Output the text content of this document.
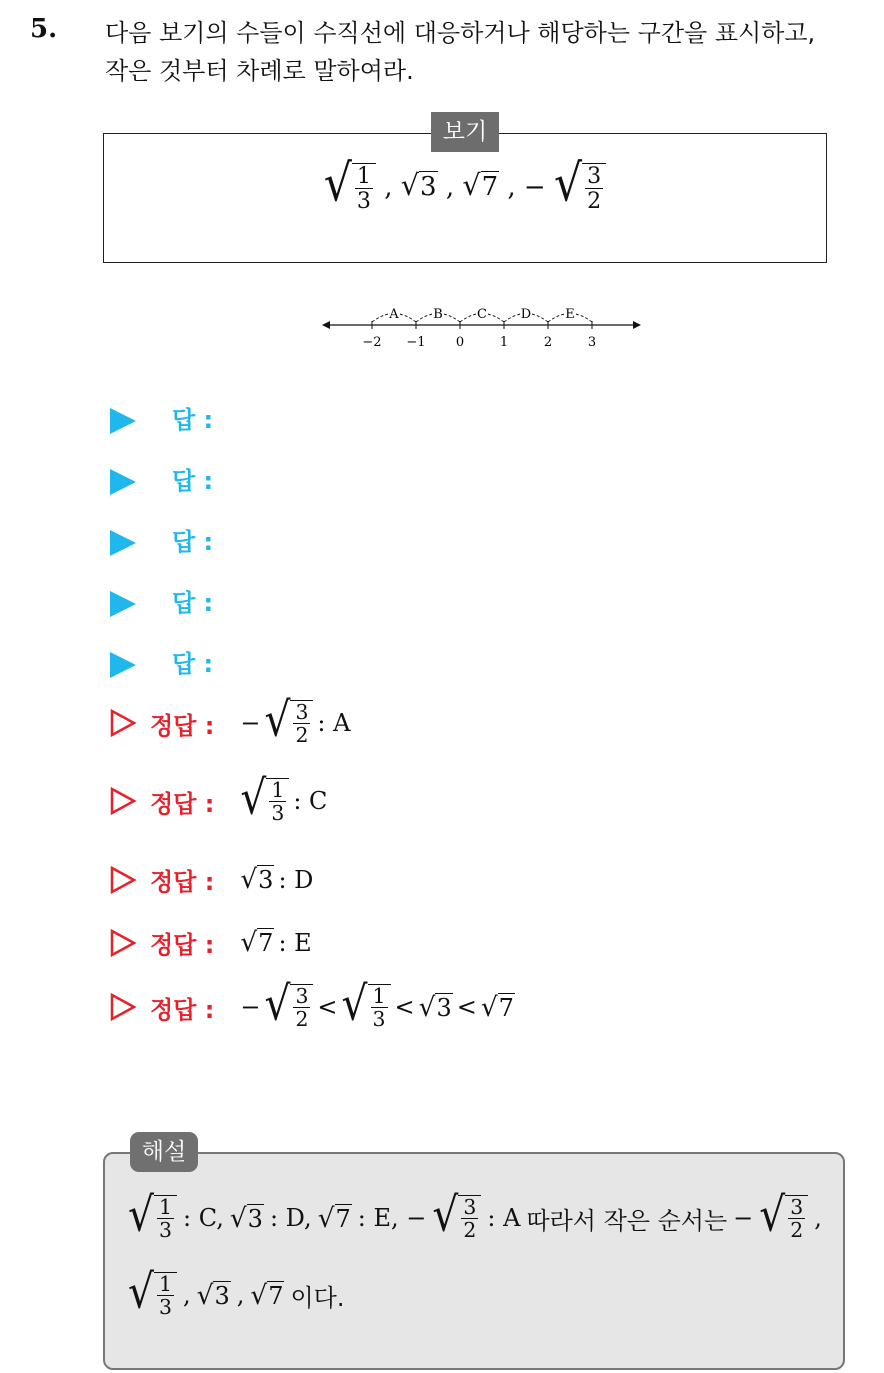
5. 다음 보기의 수들이 수직선에 대응하거나 해당하는 구간을 표시하고,
작은 것부터 차례로 말하여라.
보기
√ $\frac{1}{3}$ , √3 , √7 , − √ $\frac{3}{2}$
−2 −1 0	1	2	3
A	B	C	D	E
답 :
답 :
답 :
답 :
답 :
정답 : − √ $\frac{3}{2}$ : A
정답 : √ $\frac{1}{3}$ : C
정답 : √3 : D
정답 : √7 : E
정답 : − √ $\frac{3}{2}$ < √ $\frac{1}{3} < √3 < √7$
해설
√ $\frac{1}{3}$ : C, √3 : D, √7 : E, − √ $\frac{3}{2}$ : A 따라서 작은 순서는 − √ $\frac{3}{2}$ ,
√ $\frac{1}{3}$ , √3 , √7 이다.
